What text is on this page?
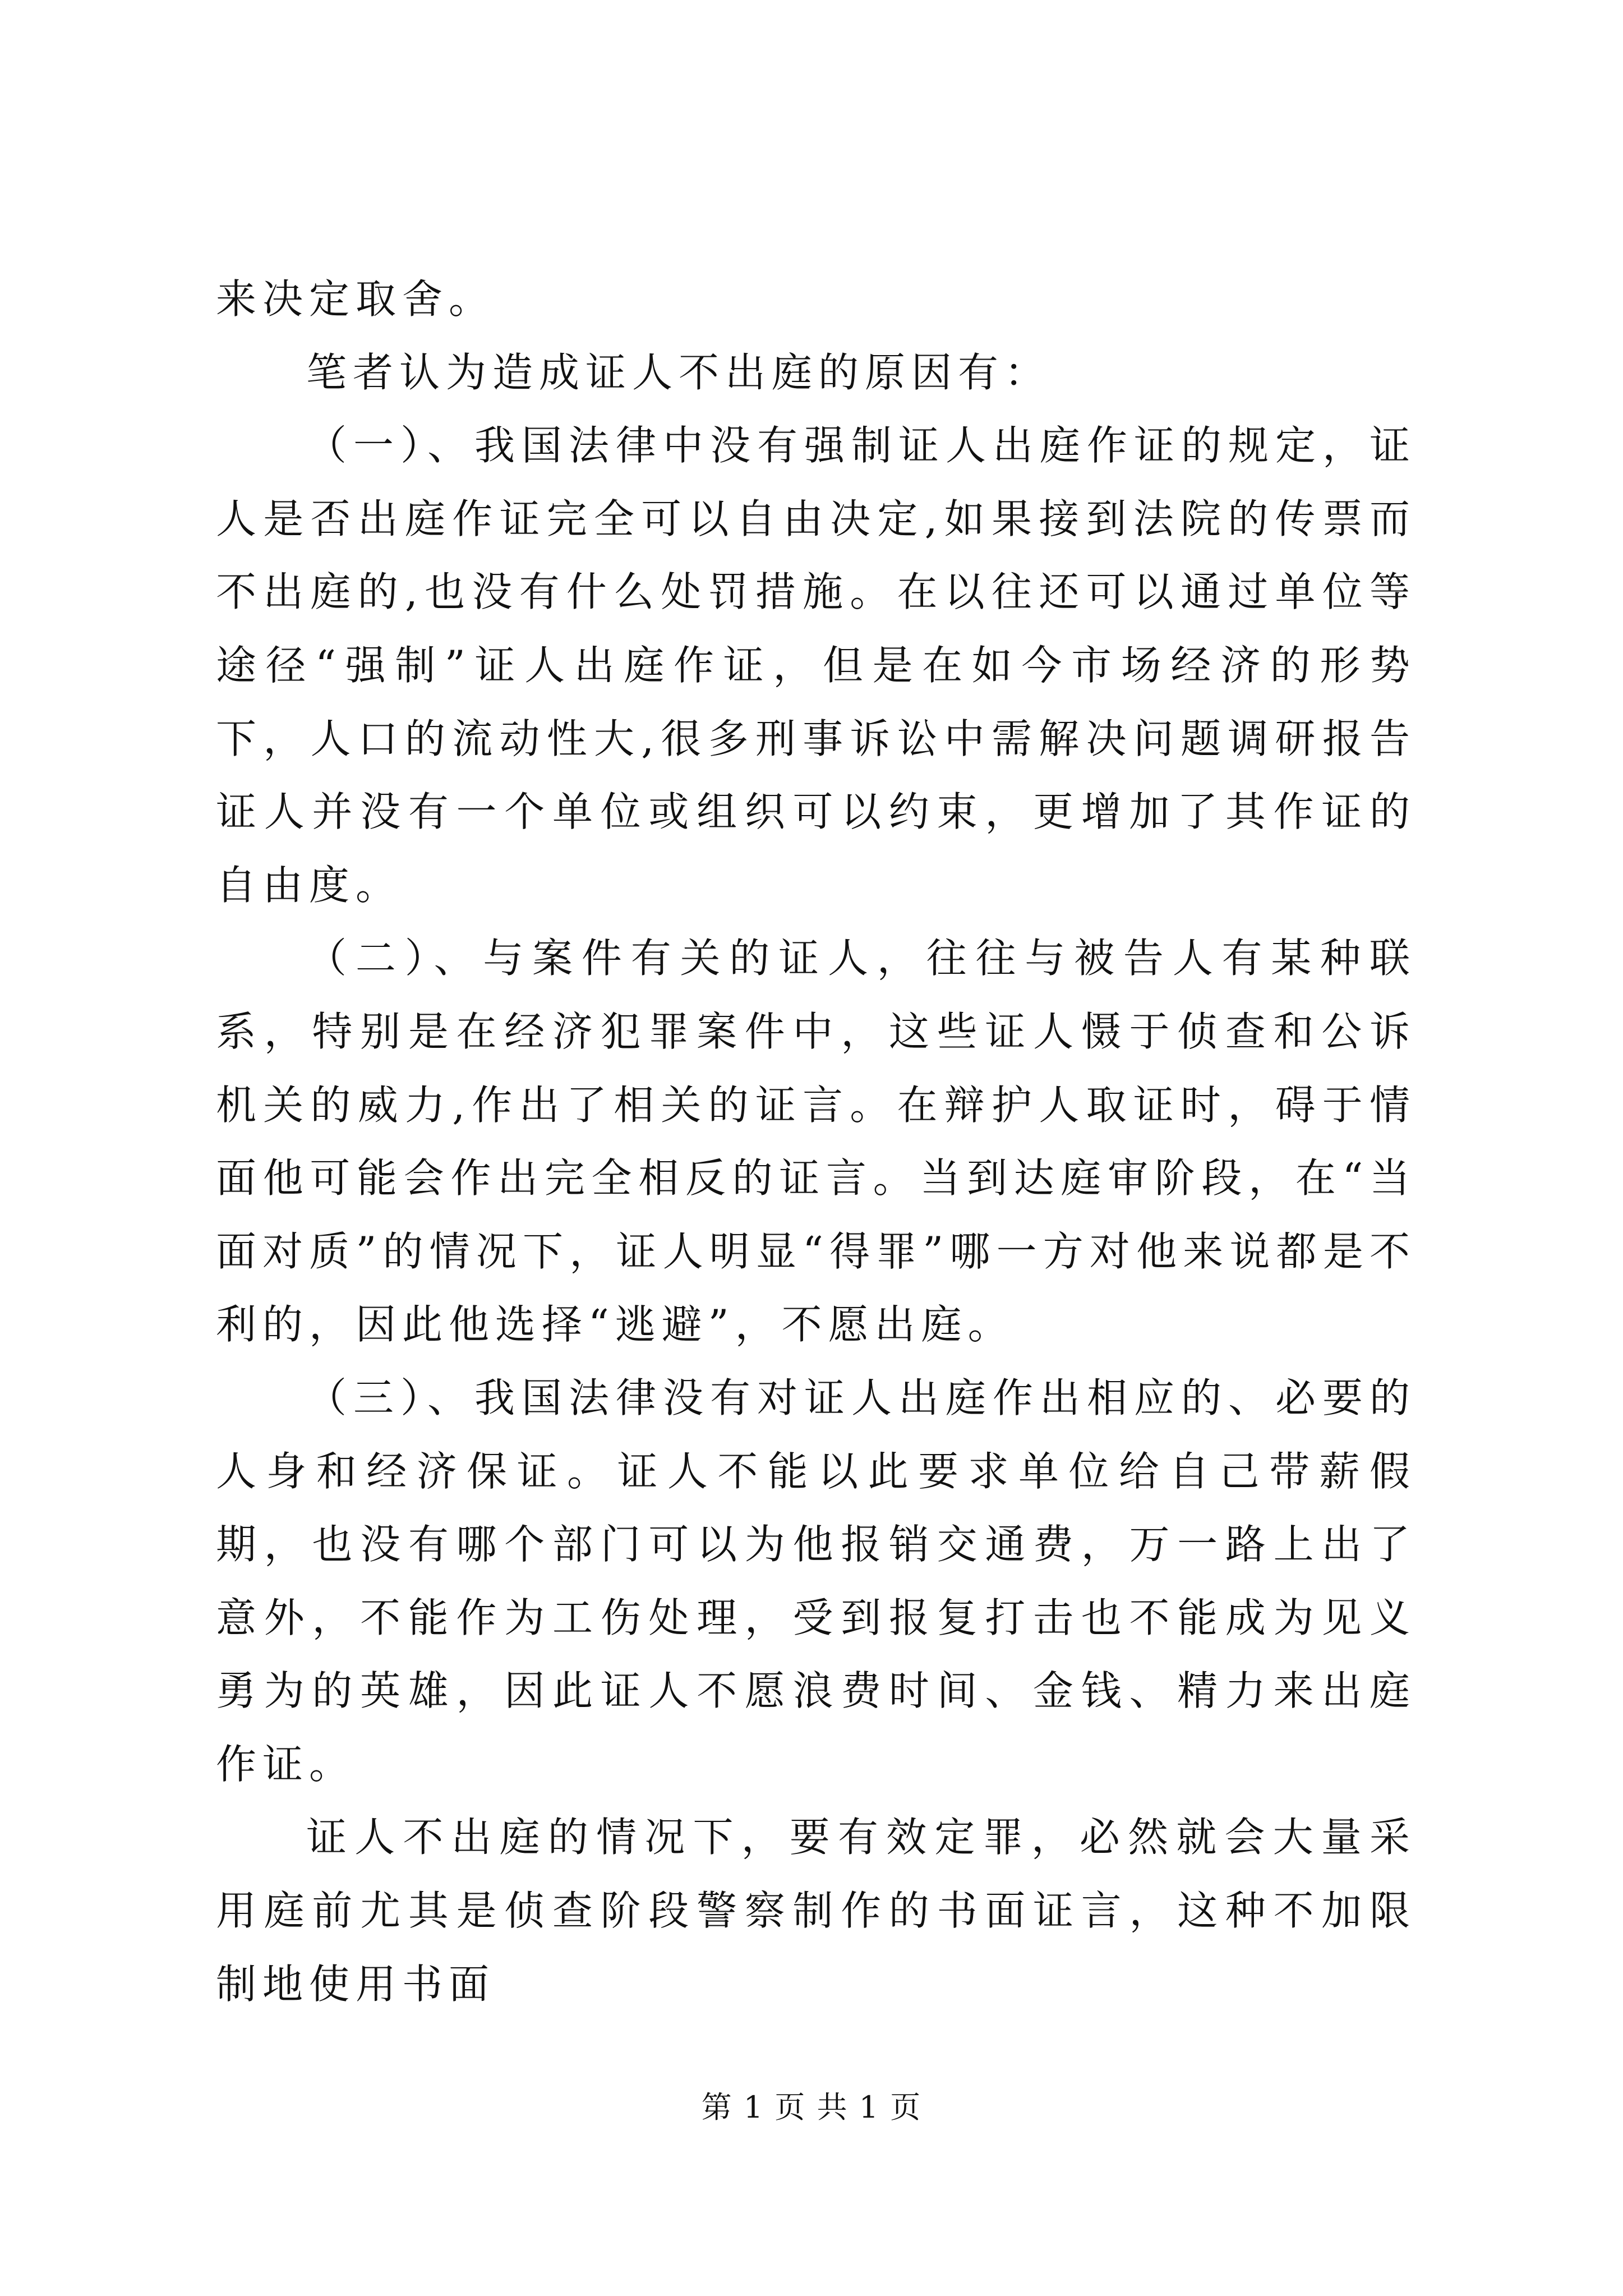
来决定取舍。

笔者认为造成证人不出庭的原因有：

（一）、我国法律中没有强制证人出庭作证的规定，证人是否出庭作证完全可以自由决定,如果接到法院的传票而不出庭的,也没有什么处罚措施。在以往还可以通过单位等途径“强制”证人出庭作证，但是在如今市场经济的形势下，人口的流动性大,很多刑事诉讼中需解决问题调研报告证人并没有一个单位或组织可以约束，更增加了其作证的自由度。

（二）、与案件有关的证人，往往与被告人有某种联系，特别是在经济犯罪案件中，这些证人慑于侦查和公诉机关的威力,作出了相关的证言。在辩护人取证时，碍于情面他可能会作出完全相反的证言。当到达庭审阶段，在“当面对质”的情况下，证人明显“得罪”哪一方对他来说都是不利的，因此他选择“逃避”，不愿出庭。

（三）、我国法律没有对证人出庭作出相应的、必要的人身和经济保证。证人不能以此要求单位给自己带薪假期，也没有哪个部门可以为他报销交通费，万一路上出了意外，不能作为工伤处理，受到报复打击也不能成为见义勇为的英雄，因此证人不愿浪费时间、金钱、精力来出庭作证。

证人不出庭的情况下，要有效定罪，必然就会大量采用庭前尤其是侦查阶段警察制作的书面证言，这种不加限制地使用书面

第 1 页 共 1 页
